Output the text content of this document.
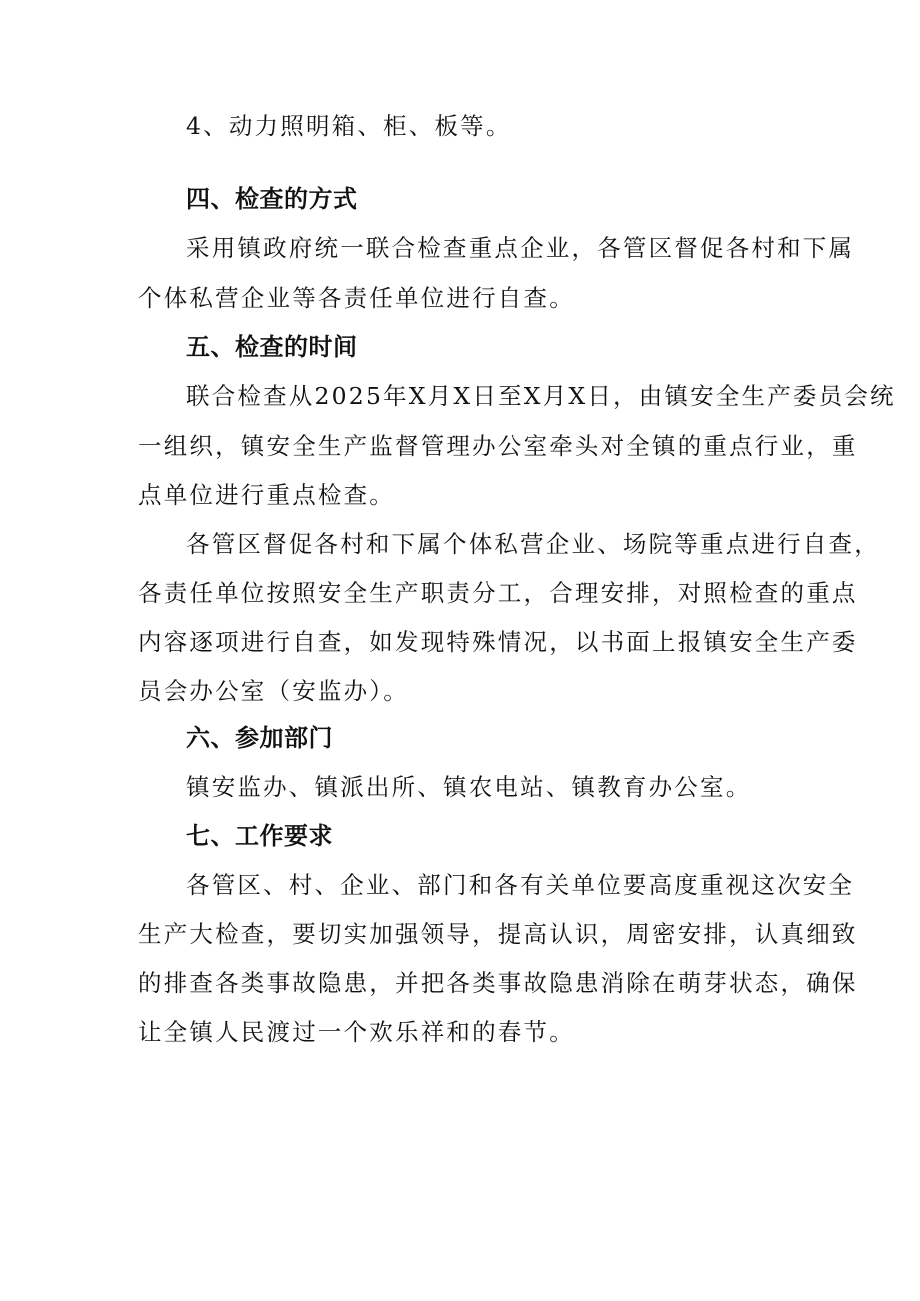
4、动力照明箱、柜、板等。
四、检查的方式
采用镇政府统一联合检查重点企业，各管区督促各村和下属
个体私营企业等各责任单位进行自查。
五、检查的时间
联合检查从2025年X月X日至X月X日，由镇安全生产委员会统
一组织，镇安全生产监督管理办公室牵头对全镇的重点行业，重
点单位进行重点检查。
各管区督促各村和下属个体私营企业、场院等重点进行自查，
各责任单位按照安全生产职责分工，合理安排，对照检查的重点
内容逐项进行自查，如发现特殊情况，以书面上报镇安全生产委
员会办公室（安监办）。
六、参加部门
镇安监办、镇派出所、镇农电站、镇教育办公室。
七、工作要求
各管区、村、企业、部门和各有关单位要高度重视这次安全
生产大检查，要切实加强领导，提高认识，周密安排，认真细致
的排查各类事故隐患，并把各类事故隐患消除在萌芽状态，确保
让全镇人民渡过一个欢乐祥和的春节。
